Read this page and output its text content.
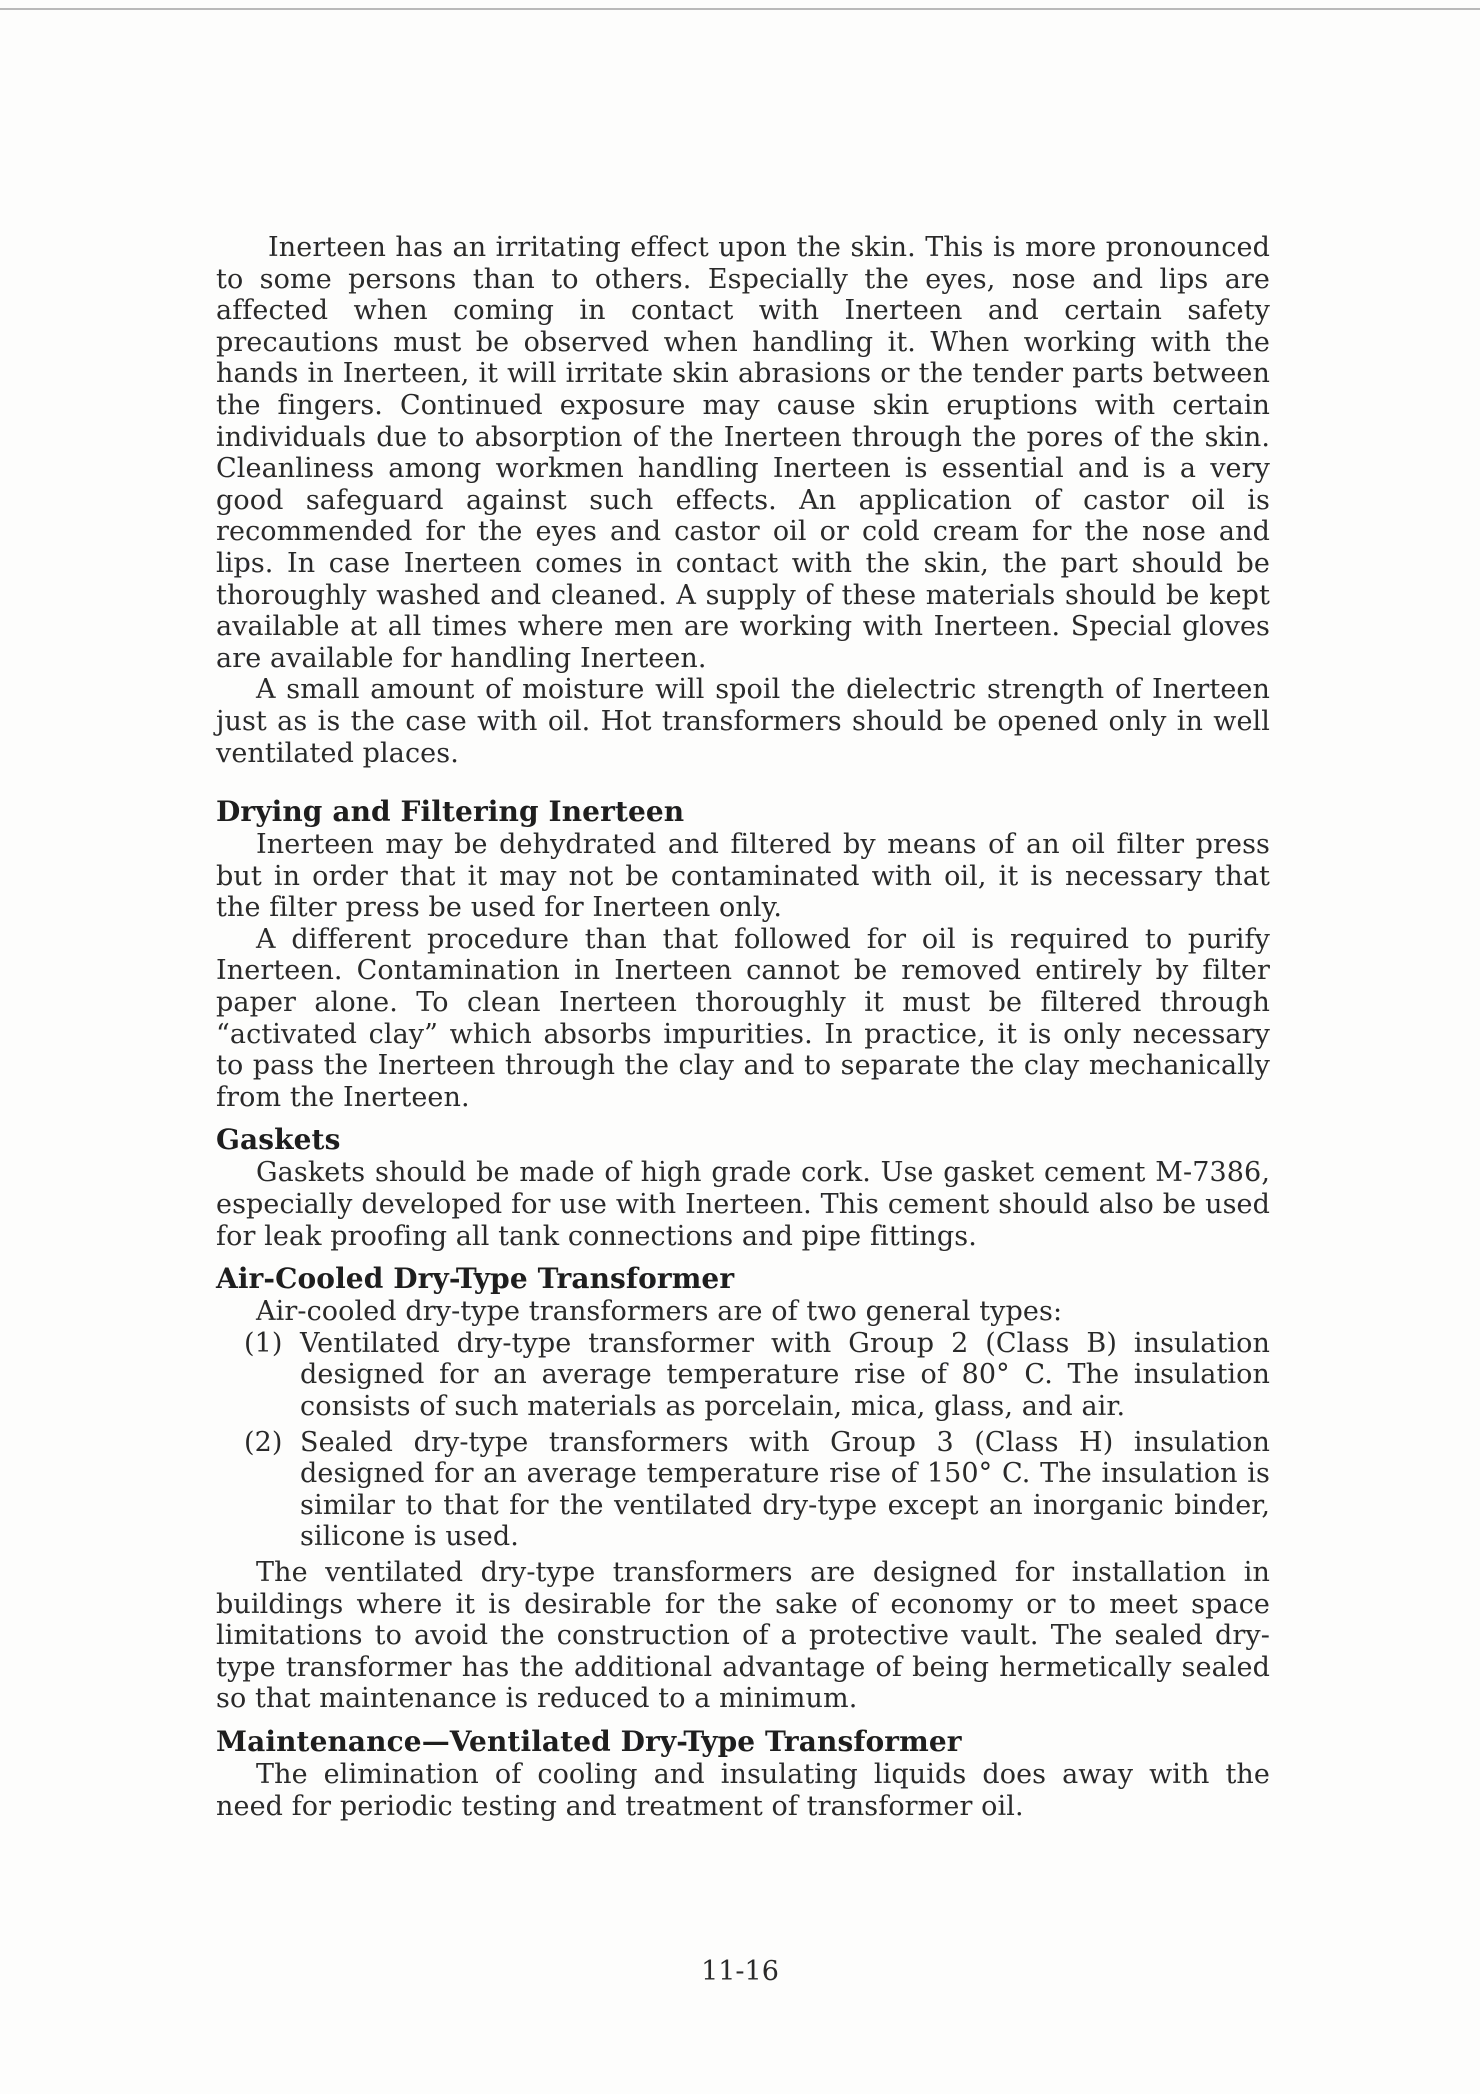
Inerteen has an irritating effect upon the skin. This is more pronounced to some persons than to others. Especially the eyes, nose and lips are affected when coming in contact with Inerteen and certain safety precautions must be observed when handling it. When working with the hands in Inerteen, it will irritate skin abrasions or the tender parts between the fingers. Continued exposure may cause skin eruptions with certain individuals due to absorption of the Inerteen through the pores of the skin. Cleanliness among workmen handling Inerteen is essential and is a very good safeguard against such effects. An application of castor oil is recommended for the eyes and castor oil or cold cream for the nose and lips. In case Inerteen comes in contact with the skin, the part should be thoroughly washed and cleaned. A supply of these materials should be kept available at all times where men are working with Inerteen. Special gloves are available for handling Inerteen.

A small amount of moisture will spoil the dielectric strength of Inerteen just as is the case with oil. Hot transformers should be opened only in well ventilated places.

Drying and Filtering Inerteen

Inerteen may be dehydrated and filtered by means of an oil filter press but in order that it may not be contaminated with oil, it is necessary that the filter press be used for Inerteen only.

A different procedure than that followed for oil is required to purify Inerteen. Contamination in Inerteen cannot be removed entirely by filter paper alone. To clean Inerteen thoroughly it must be filtered through “activated clay” which absorbs impurities. In practice, it is only necessary to pass the Inerteen through the clay and to separate the clay mechanically from the Inerteen.

Gaskets

Gaskets should be made of high grade cork. Use gasket cement M-7386, especially developed for use with Inerteen. This cement should also be used for leak proofing all tank connections and pipe fittings.

Air-Cooled Dry-Type Transformer

Air-cooled dry-type transformers are of two general types:

(1) Ventilated dry-type transformer with Group 2 (Class B) insulation designed for an average temperature rise of 80° C. The insulation consists of such materials as porcelain, mica, glass, and air.
(2) Sealed dry-type transformers with Group 3 (Class H) insulation designed for an average temperature rise of 150° C. The insulation is similar to that for the ventilated dry-type except an inorganic binder, silicone is used.

The ventilated dry-type transformers are designed for installation in buildings where it is desirable for the sake of economy or to meet space limitations to avoid the construction of a protective vault. The sealed dry-type transformer has the additional advantage of being hermetically sealed so that maintenance is reduced to a minimum.

Maintenance—Ventilated Dry-Type Transformer

The elimination of cooling and insulating liquids does away with the need for periodic testing and treatment of transformer oil.

11-16
